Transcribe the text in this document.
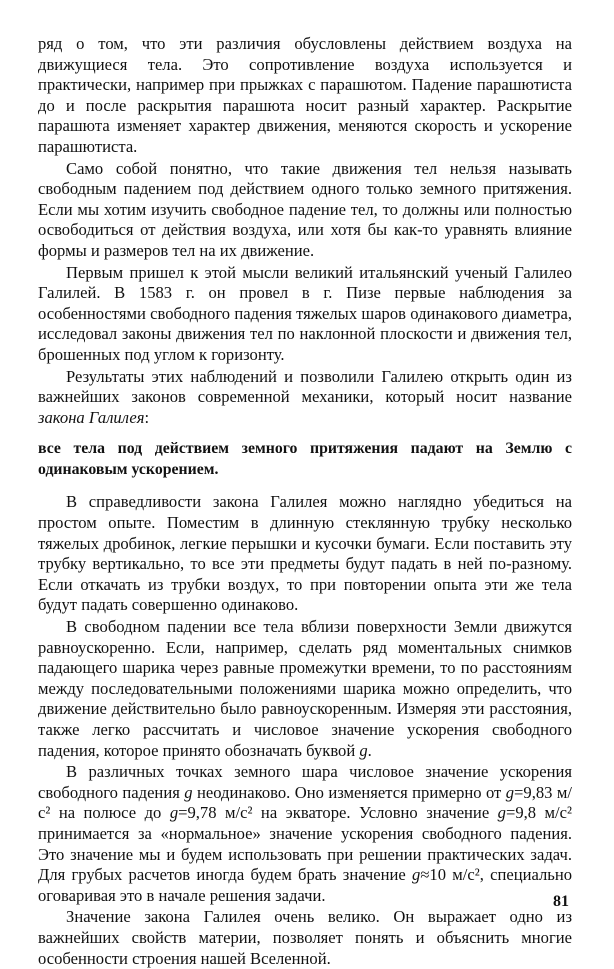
ряд о том, что эти различия обусловлены действием воздуха на движущиеся тела. Это сопротивление воздуха используется и практически, например при прыжках с парашютом. Падение парашютиста до и после раскрытия парашюта носит разный характер. Раскрытие парашюта изменяет характер движения, меняются скорость и ускорение парашютиста.

Само собой понятно, что такие движения тел нельзя называть свободным падением под действием одного только земного притяжения. Если мы хотим изучить свободное падение тел, то должны или полностью освободиться от действия воздуха, или хотя бы как-то уравнять влияние формы и размеров тел на их движение.

Первым пришел к этой мысли великий итальянский ученый Галилео Галилей. В 1583 г. он провел в г. Пизе первые наблюдения за особенностями свободного падения тяжелых шаров одинакового диаметра, исследовал законы движения тел по наклонной плоскости и движения тел, брошенных под углом к горизонту.

Результаты этих наблюдений и позволили Галилею открыть один из важнейших законов современной механики, который носит название закона Галилея:

все тела под действием земного притяжения падают на Землю с одинаковым ускорением.

В справедливости закона Галилея можно наглядно убедиться на простом опыте. Поместим в длинную стеклянную трубку несколько тяжелых дробинок, легкие перышки и кусочки бумаги. Если поставить эту трубку вертикально, то все эти предметы будут падать в ней по-разному. Если откачать из трубки воздух, то при повторении опыта эти же тела будут падать совершенно одинаково.

В свободном падении все тела вблизи поверхности Земли движутся равноускоренно. Если, например, сделать ряд моментальных снимков падающего шарика через равные промежутки времени, то по расстояниям между последовательными положениями шарика можно определить, что движение действительно было равноускоренным. Измеряя эти расстояния, также легко рассчитать и числовое значение ускорения свободного падения, которое принято обозначать буквой g.

В различных точках земного шара числовое значение ускорения свободного падения g неодинаково. Оно изменяется примерно от g=9,83 м/с² на полюсе до g=9,78 м/с² на экваторе. Условно значение g=9,8 м/с² принимается за «нормальное» значение ускорения свободного падения. Это значение мы и будем использовать при решении практических задач. Для грубых расчетов иногда будем брать значение g≈10 м/с², специально оговаривая это в начале решения задачи.

Значение закона Галилея очень велико. Он выражает одно из важнейших свойств материи, позволяет понять и объяснить многие особенности строения нашей Вселенной.

81
